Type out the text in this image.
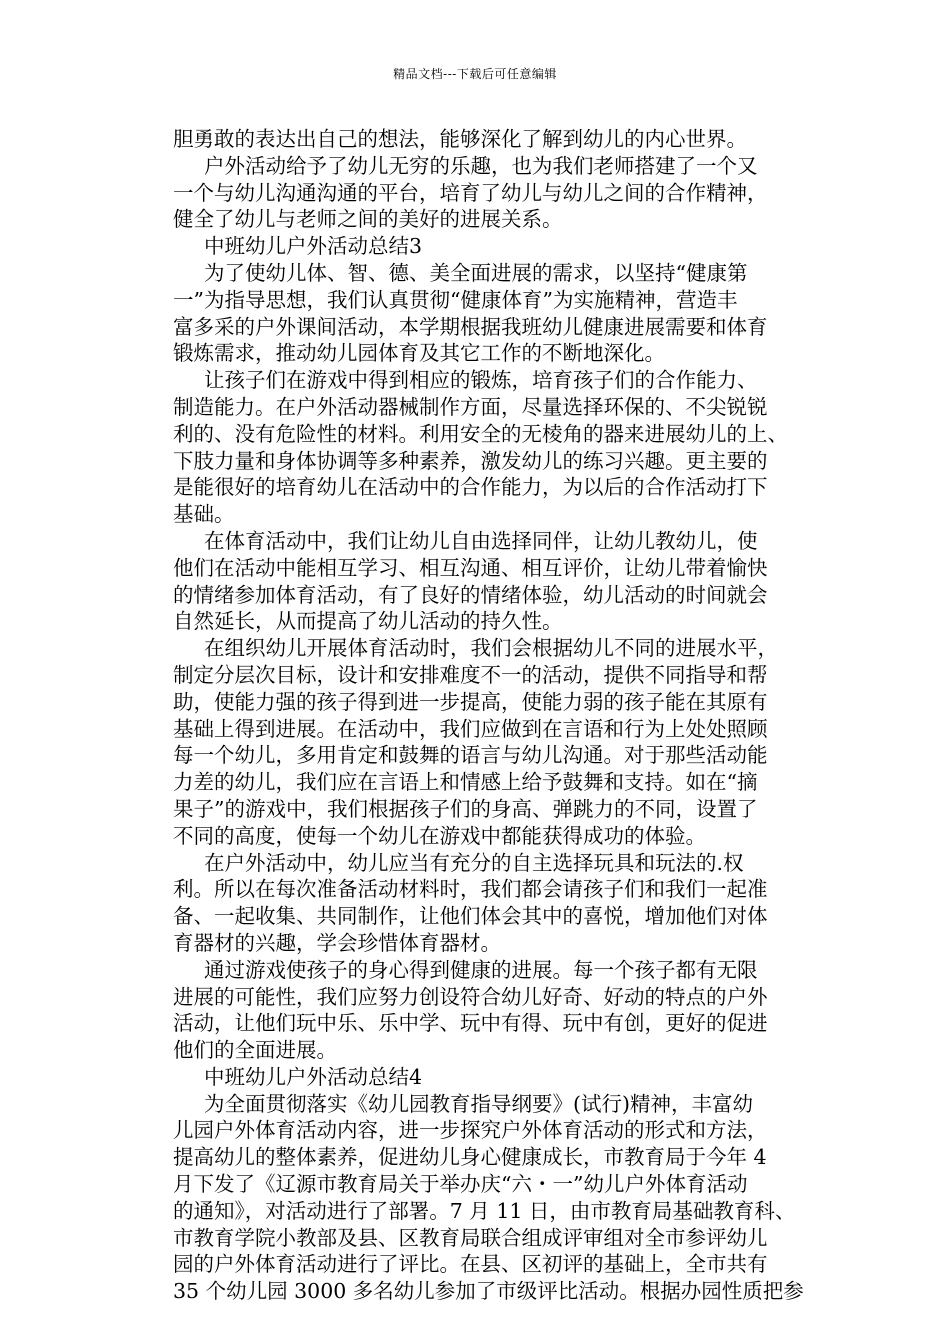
精品文档---下载后可任意编辑
胆勇敢的表达出自己的想法，能够深化了解到幼儿的内心世界。
户外活动给予了幼儿无穷的乐趣，也为我们老师搭建了一个又
一个与幼儿沟通沟通的平台，培育了幼儿与幼儿之间的合作精神，
健全了幼儿与老师之间的美好的进展关系。
中班幼儿户外活动总结3
为了使幼儿体、智、德、美全面进展的需求，以坚持“健康第
一”为指导思想，我们认真贯彻“健康体育”为实施精神，营造丰
富多采的户外课间活动，本学期根据我班幼儿健康进展需要和体育
锻炼需求，推动幼儿园体育及其它工作的不断地深化。
让孩子们在游戏中得到相应的锻炼，培育孩子们的合作能力、
制造能力。在户外活动器械制作方面，尽量选择环保的、不尖锐锐
利的、没有危险性的材料。利用安全的无棱角的器来进展幼儿的上、
下肢力量和身体协调等多种素养，激发幼儿的练习兴趣。更主要的
是能很好的培育幼儿在活动中的合作能力，为以后的合作活动打下
基础。
在体育活动中，我们让幼儿自由选择同伴，让幼儿教幼儿，使
他们在活动中能相互学习、相互沟通、相互评价，让幼儿带着愉快
的情绪参加体育活动，有了良好的情绪体验，幼儿活动的时间就会
自然延长，从而提高了幼儿活动的持久性。
在组织幼儿开展体育活动时，我们会根据幼儿不同的进展水平，
制定分层次目标，设计和安排难度不一的活动，提供不同指导和帮
助，使能力强的孩子得到进一步提高，使能力弱的孩子能在其原有
基础上得到进展。在活动中，我们应做到在言语和行为上处处照顾
每一个幼儿，多用肯定和鼓舞的语言与幼儿沟通。对于那些活动能
力差的幼儿，我们应在言语上和情感上给予鼓舞和支持。如在“摘
果子”的游戏中，我们根据孩子们的身高、弹跳力的不同，设置了
不同的高度，使每一个幼儿在游戏中都能获得成功的体验。
在户外活动中，幼儿应当有充分的自主选择玩具和玩法的.权
利。所以在每次准备活动材料时，我们都会请孩子们和我们一起准
备、一起收集、共同制作，让他们体会其中的喜悦，增加他们对体
育器材的兴趣，学会珍惜体育器材。
通过游戏使孩子的身心得到健康的进展。每一个孩子都有无限
进展的可能性，我们应努力创设符合幼儿好奇、好动的特点的户外
活动，让他们玩中乐、乐中学、玩中有得、玩中有创，更好的促进
他们的全面进展。
中班幼儿户外活动总结4
为全面贯彻落实《幼儿园教育指导纲要》(试行)精神，丰富幼
儿园户外体育活动内容，进一步探究户外体育活动的形式和方法，
提高幼儿的整体素养，促进幼儿身心健康成长，市教育局于今年 4
月下发了《辽源市教育局关于举办庆“六・一”幼儿户外体育活动
的通知》，对活动进行了部署。7 月 11 日，由市教育局基础教育科、
市教育学院小教部及县、区教育局联合组成评审组对全市参评幼儿
园的户外体育活动进行了评比。在县、区初评的基础上，全市共有
35 个幼儿园 3000 多名幼儿参加了市级评比活动。根据办园性质把参
